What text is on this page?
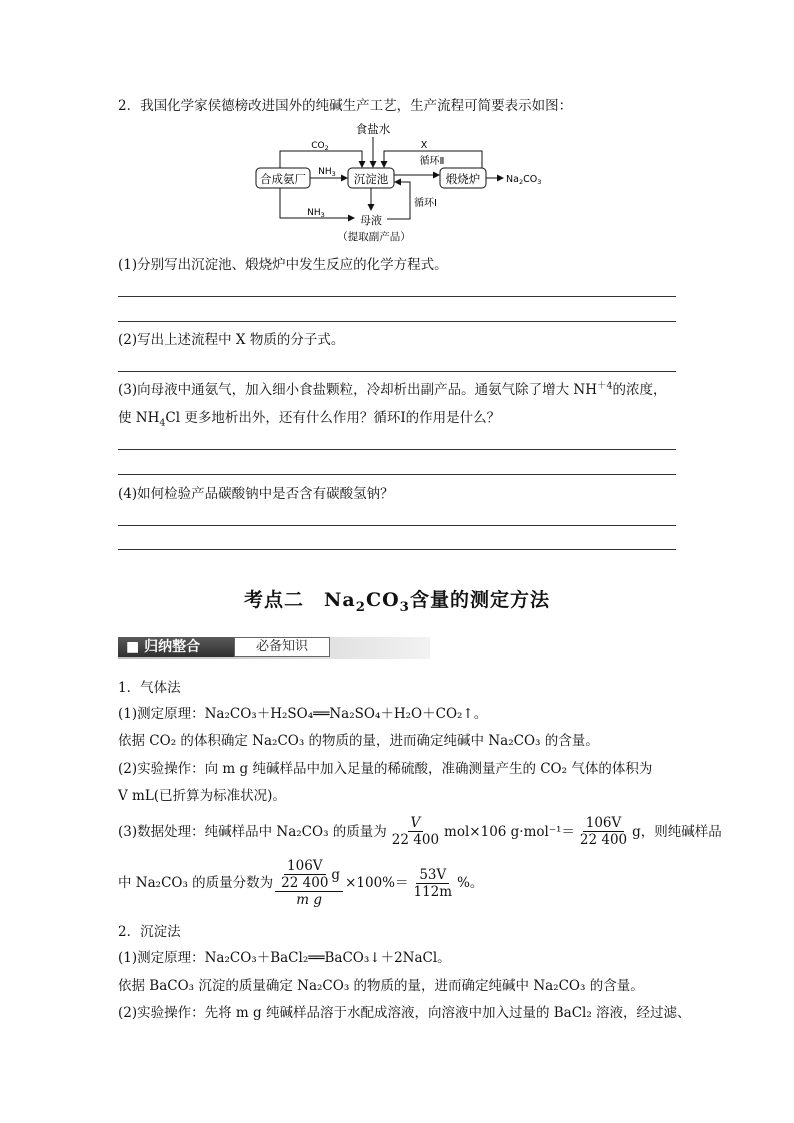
2．我国化学家侯德榜改进国外的纯碱生产工艺，生产流程可简要表示如图：
合成氨厂	沉淀池	煅烧炉
食盐水
$CO_2$
$NH_3$
X
循环Ⅱ
$Na_2CO_3$
$NH_3$	母液
（提取副产品）
循环Ⅰ
(1)分别写出沉淀池、煅烧炉中发生反应的化学方程式。
(2)写出上述流程中 X 物质的分子式。
(3)向母液中通氨气，加入细小食盐颗粒，冷却析出副产品。通氨气除了增大 $NH^{+4}$的浓度，
使 $NH_4Cl$ 更多地析出外，还有什么作用？循环Ⅰ的作用是什么？
(4)如何检验产品碳酸钠中是否含有碳酸氢钠？
考点二　$Na_2CO_3$含量的测定方法
■ 归纳整合	必备知识
1．气体法
(1)测定原理：Na₂CO₃＋H₂SO₄══Na₂SO₄＋H₂O＋CO₂↑。
依据 CO₂ 的体积确定 Na₂CO₃ 的物质的量，进而确定纯碱中 Na₂CO₃ 的含量。
(2)实验操作：向 m g 纯碱样品中加入足量的稀硫酸，准确测量产生的 CO₂ 气体的体积为
V mL(已折算为标准状况)。
(3)数据处理：纯碱样品中 Na₂CO₃ 的质量为 $\frac{V}{22 400} mol\times 106$ $g\cdot mol^{-1}= \frac{106V}{22 400}$ g，则纯碱样品
中 Na₂CO₃ 的质量分数为 $\frac{\frac{106V}{22 400} g}{\text{m g}} \times 100\%= \frac{53V}{112m}$ %。
2．沉淀法
(1)测定原理：Na₂CO₃＋BaCl₂══BaCO₃↓＋2NaCl。
依据 BaCO₃ 沉淀的质量确定 Na₂CO₃ 的物质的量，进而确定纯碱中 Na₂CO₃ 的含量。
(2)实验操作：先将 m g 纯碱样品溶于水配成溶液，向溶液中加入过量的 BaCl₂ 溶液，经过滤、
